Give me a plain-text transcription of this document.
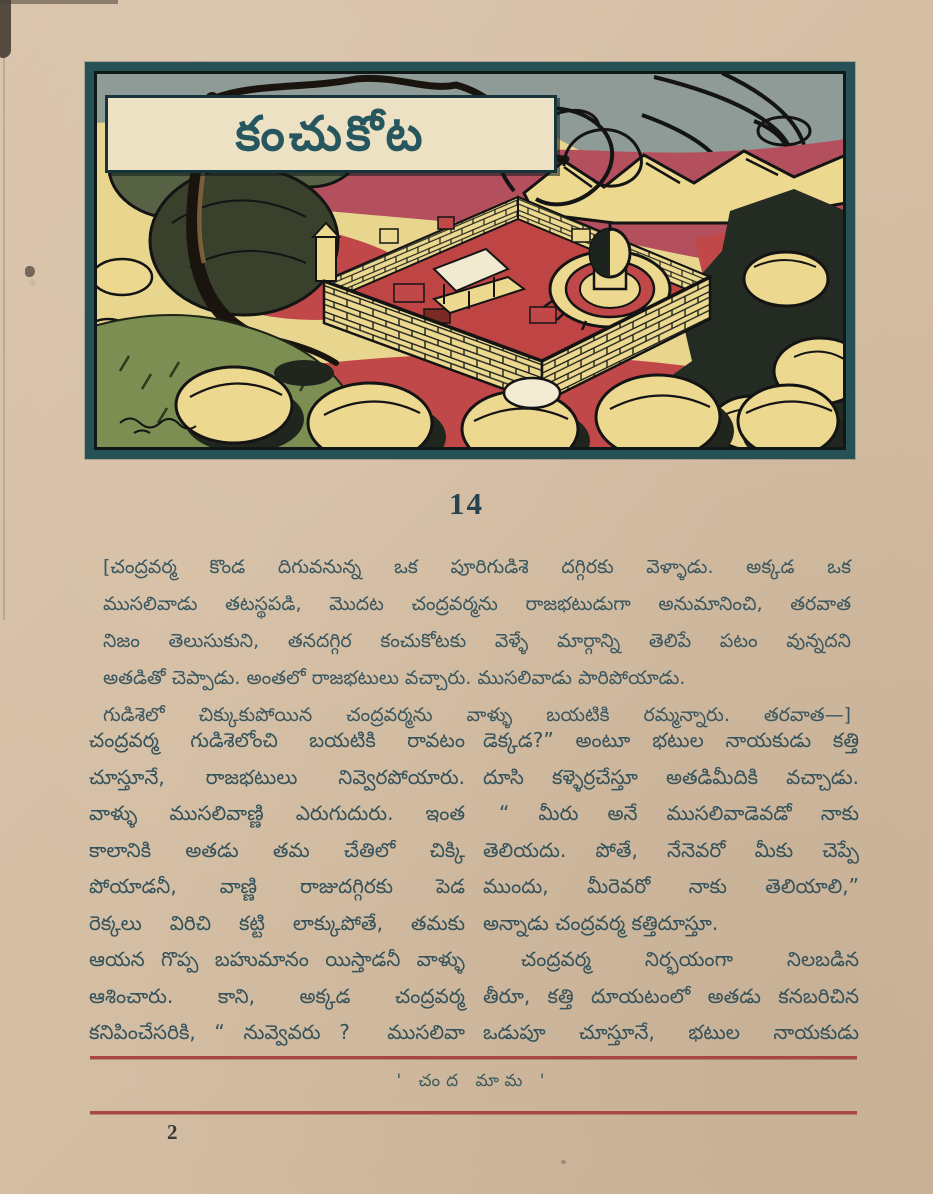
కంచుకోట
14
[చంద్రవర్మ కొండ దిగువనున్న ఒక పూరిగుడిశె దగ్గిరకు వెళ్ళాడు. అక్కడ ఒక
ముసలివాడు తటస్థపడి, మొదట చంద్రవర్మను రాజభటుడుగా అనుమానించి, తరవాత
నిజం తెలుసుకుని, తనదగ్గిర కంచుకోటకు వెళ్ళే మార్గాన్ని తెలిపే పటం వున్నదని
అతడితో చెప్పాడు. అంతలో రాజభటులు వచ్చారు. ముసలివాడు పారిపోయాడు.
గుడిశెలో చిక్కుకుపోయిన చంద్రవర్మను వాళ్ళు బయటికి రమ్మన్నారు. తరవాత—]
చంద్రవర్మ గుడిశెలోంచి బయటికి రావటం
చూస్తూనే, రాజభటులు నివ్వెరపోయారు.
వాళ్ళు ముసలివాణ్ణి ఎరుగుదురు. ఇంత
కాలానికి అతడు తమ చేతిలో చిక్కి
పోయాడనీ, వాణ్ణి రాజుదగ్గిరకు పెడ
రెక్కలు విరిచి కట్టి లాక్కుపోతే, తమకు
ఆయన గొప్ప బహుమానం యిస్తాడనీ వాళ్ళు
ఆశించారు. కాని, అక్కడ చంద్రవర్మ
కనిపించేసరికి, “ నువ్వెవరు ?  ముసలివా
డెక్కడ?” అంటూ భటుల నాయకుడు కత్తి
దూసి కళ్ళెర్రచేస్తూ అతడిమీదికి వచ్చాడు.
“ మీరు అనే ముసలివాడెవడో నాకు
తెలియదు. పోతే, నేనెవరో మీకు చెప్పే
ముందు, మీరెవరో నాకు తెలియాలి,”
అన్నాడు చంద్రవర్మ కత్తిదూస్తూ.
చంద్రవర్మ నిర్భయంగా నిలబడిన
తీరూ, కత్తి దూయటంలో అతడు కనబరిచిన
ఒడుపూ చూస్తూనే, భటుల నాయకుడు
' చంద మామ '
2
